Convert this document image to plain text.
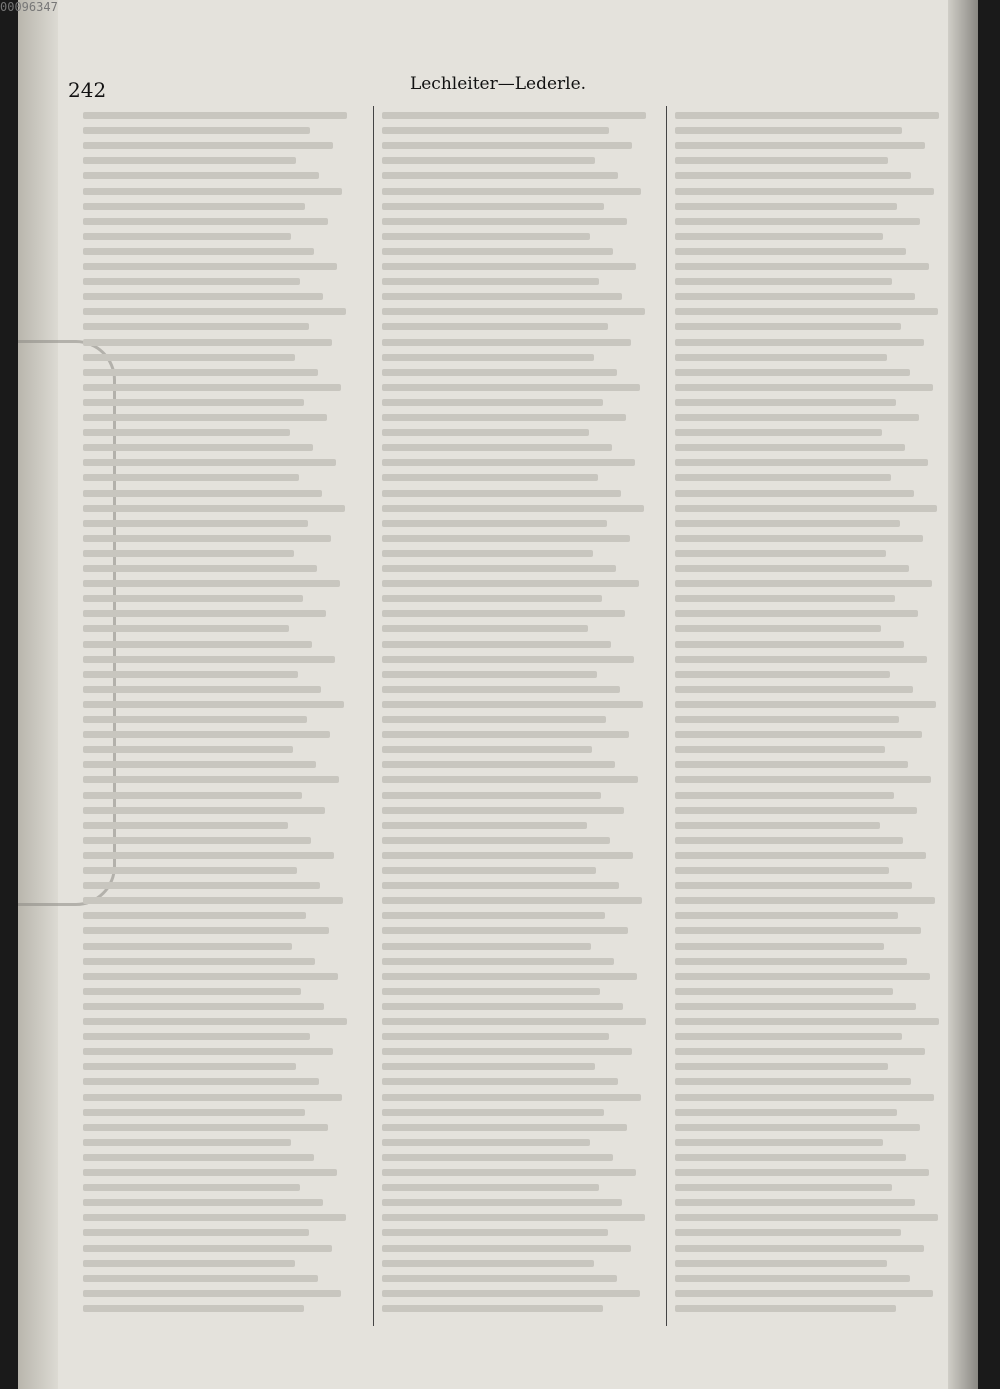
242	Lechleiter—Lederle.
00096347
